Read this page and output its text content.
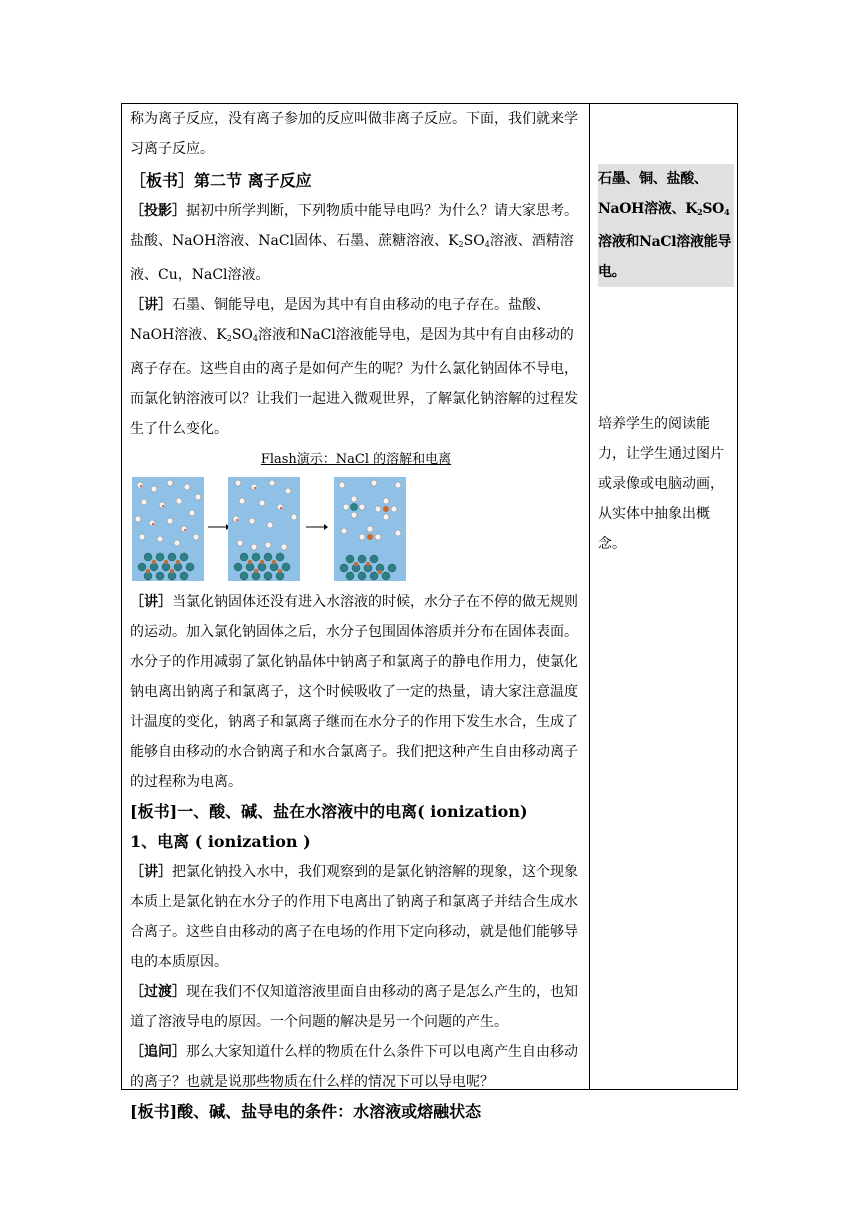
称为离子反应，没有离子参加的反应叫做非离子反应。下面，我们就来学习离子反应。

［板书］第二节 离子反应

［投影］据初中所学判断，下列物质中能导电吗？为什么？请大家思考。

盐酸、NaOH溶液、NaCl固体、石墨、蔗糖溶液、$K_2SO_4$溶液、酒精溶液、Cu，NaCl溶液。

［讲］石墨、铜能导电，是因为其中有自由移动的电子存在。盐酸、NaOH溶液、$K_2SO_4$溶液和NaCl溶液能导电，是因为其中有自由移动的离子存在。这些自由的离子是如何产生的呢？为什么氯化钠固体不导电，而氯化钠溶液可以？让我们一起进入微观世界，了解氯化钠溶解的过程发生了什么变化。

Flash演示：NaCl 的溶解和电离

［讲］当氯化钠固体还没有进入水溶液的时候，水分子在不停的做无规则的运动。加入氯化钠固体之后，水分子包围固体溶质并分布在固体表面。水分子的作用减弱了氯化钠晶体中钠离子和氯离子的静电作用力，使氯化钠电离出钠离子和氯离子，这个时候吸收了一定的热量，请大家注意温度计温度的变化，钠离子和氯离子继而在水分子的作用下发生水合，生成了能够自由移动的水合钠离子和水合氯离子。我们把这种产生自由移动离子的过程称为电离。

[板书]一、酸、碱、盐在水溶液中的电离( ionization)

1、电离 ( ionization )

［讲］把氯化钠投入水中，我们观察到的是氯化钠溶解的现象，这个现象本质上是氯化钠在水分子的作用下电离出了钠离子和氯离子并结合生成水合离子。这些自由移动的离子在电场的作用下定向移动，就是他们能够导电的本质原因。

［过渡］现在我们不仅知道溶液里面自由移动的离子是怎么产生的，也知道了溶液导电的原因。一个问题的解决是另一个问题的产生。

［追问］那么大家知道什么样的物质在什么条件下可以电离产生自由移动的离子？也就是说那些物质在什么样的情况下可以导电呢？

[板书]酸、碱、盐导电的条件：水溶液或熔融状态

石墨、铜、盐酸、NaOH溶液、$K_2SO_4$溶液和NaCl溶液能导电。

培养学生的阅读能力，让学生通过图片或录像或电脑动画，从实体中抽象出概念。
